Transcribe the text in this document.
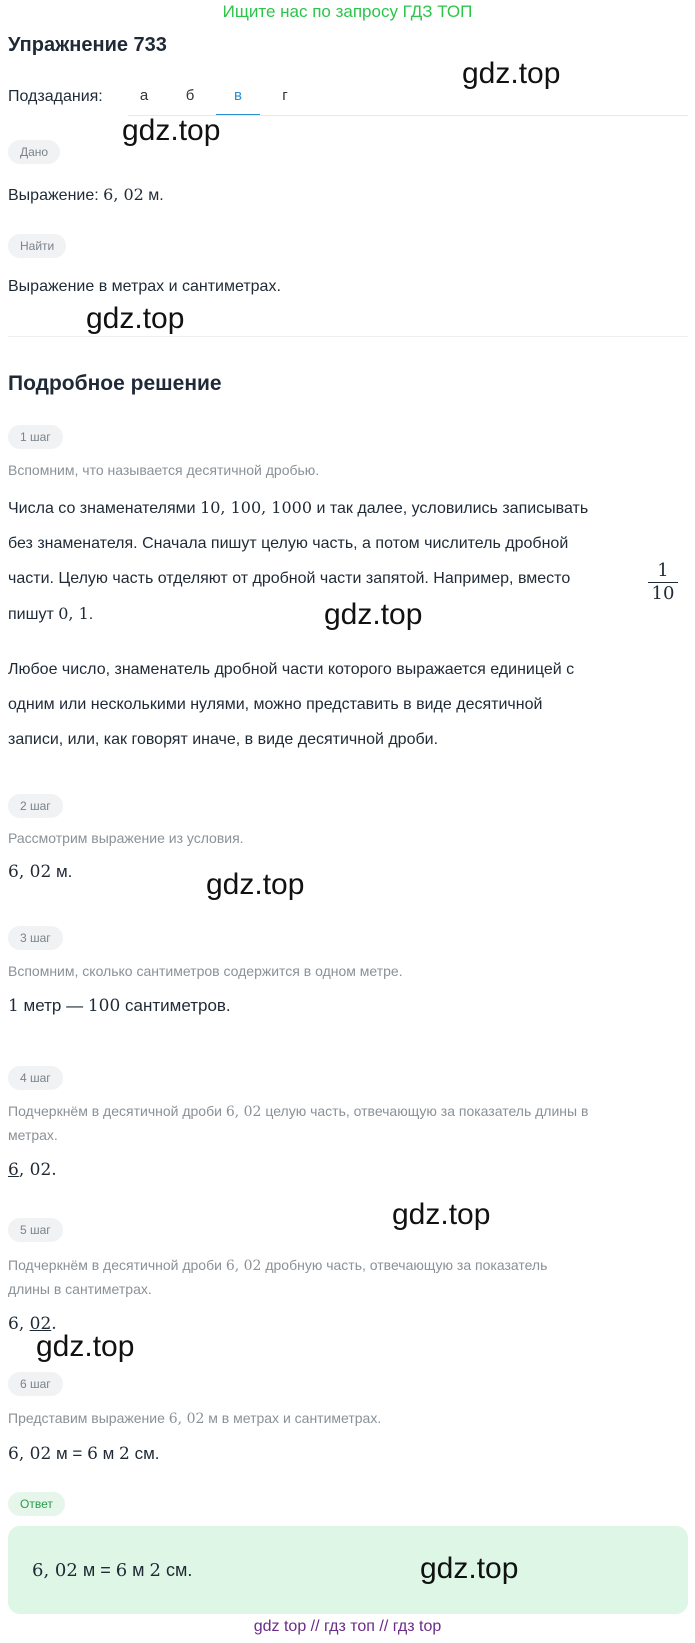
Ищите нас по запросу ГДЗ ТОП
Упражнение 733
Подзадания:	а	б	в	г
Дано
Выражение: 6, 02 м.
Найти
Выражение в метрах и сантиметрах.
Подробное решение
1 шаг
Вспомним, что называется десятичной дробью.
Числа со знаменателями 10, 100, 1000 и так далее, условились записывать
без знаменателя. Сначала пишут целую часть, а потом числитель дробной
части. Целую часть отделяют от дробной части запятой. Например, вместо
пишут 0, 1.
$\frac{1}{10}$
Любое число, знаменатель дробной части которого выражается единицей с
одним или несколькими нулями, можно представить в виде десятичной
записи, или, как говорят иначе, в виде десятичной дроби.
2 шаг
Рассмотрим выражение из условия.
6, 02 м.
3 шаг
Вспомним, сколько сантиметров содержится в одном метре.
1 метр — 100 сантиметров.
4 шаг
Подчеркнём в десятичной дроби 6, 02 целую часть, отвечающую за показатель длины в
метрах.
6, 02.
5 шаг
Подчеркнём в десятичной дроби 6, 02 дробную часть, отвечающую за показатель
длины в сантиметрах.
6, 02.
6 шаг
Представим выражение 6, 02 м в метрах и сантиметрах.
6, 02 м = 6 м 2 см.
Ответ
6, 02 м = 6 м 2 см.
gdz.top
gdz.top
gdz.top
gdz.top
gdz.top
gdz.top
gdz.top
gdz.top
gdz top // гдз топ // гдз top
